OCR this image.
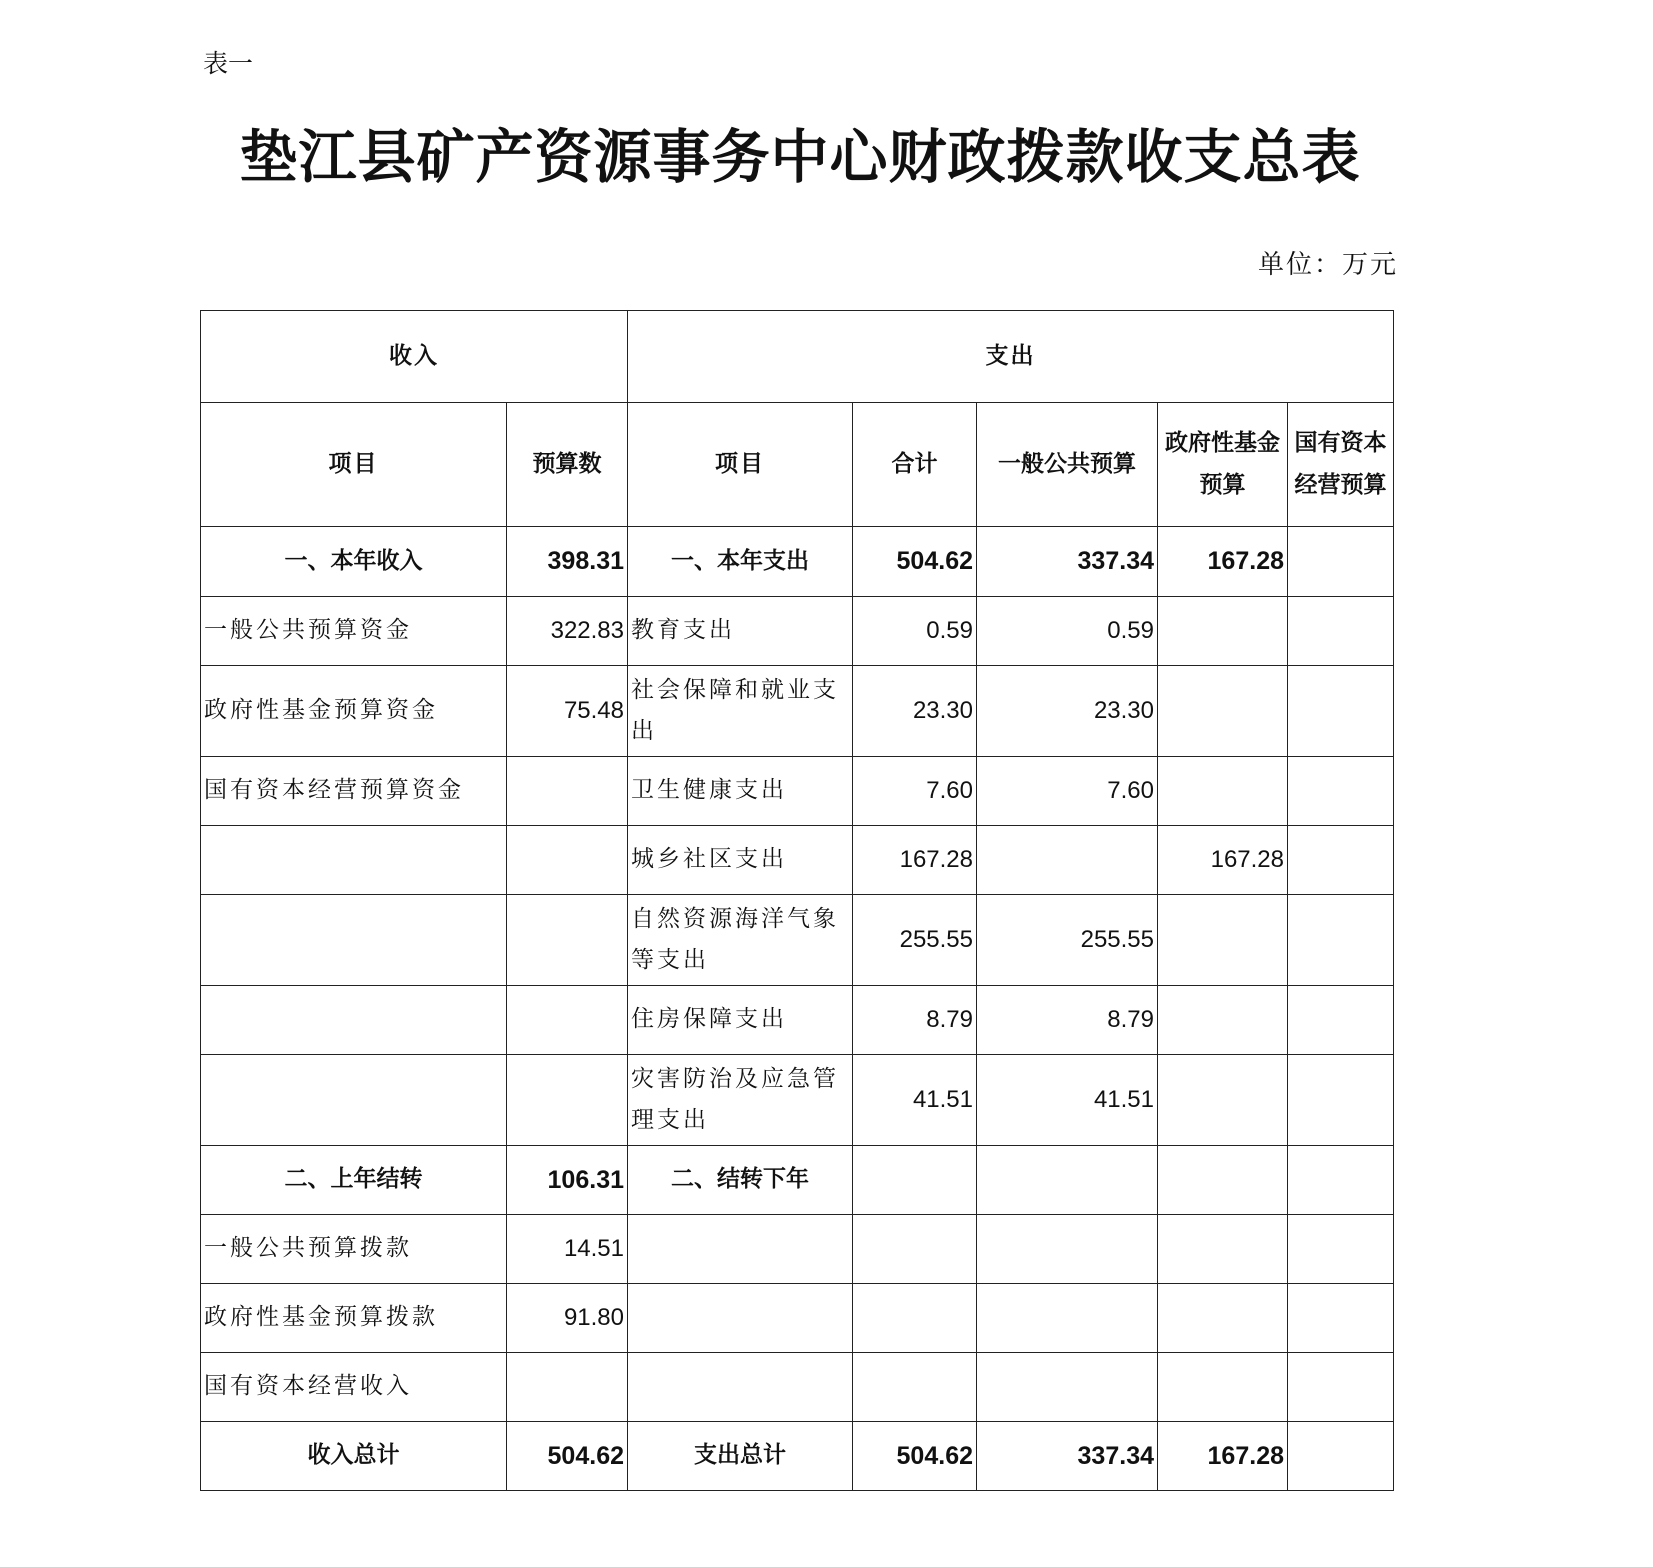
表一
垫江县矿产资源事务中心财政拨款收支总表
单位：万元
收入		支出				
项目	预算数	项目	合计	一般公共预算	政府性基金预算	国有资本经营预算
一、本年收入	398.31	一、本年支出	504.62	337.34	167.28	
一般公共预算资金	322.83	教育支出	0.59	0.59		
政府性基金预算资金	75.48	社会保障和就业支出	23.30	23.30		
国有资本经营预算资金		卫生健康支出	7.60	7.60		
		城乡社区支出	167.28		167.28	
		自然资源海洋气象等支出	255.55	255.55		
		住房保障支出	8.79	8.79		
		灾害防治及应急管理支出	41.51	41.51		
二、上年结转	106.31	二、结转下年				
一般公共预算拨款	14.51					
政府性基金预算拨款	91.80					
国有资本经营收入						
收入总计	504.62	支出总计	504.62	337.34	167.28	
